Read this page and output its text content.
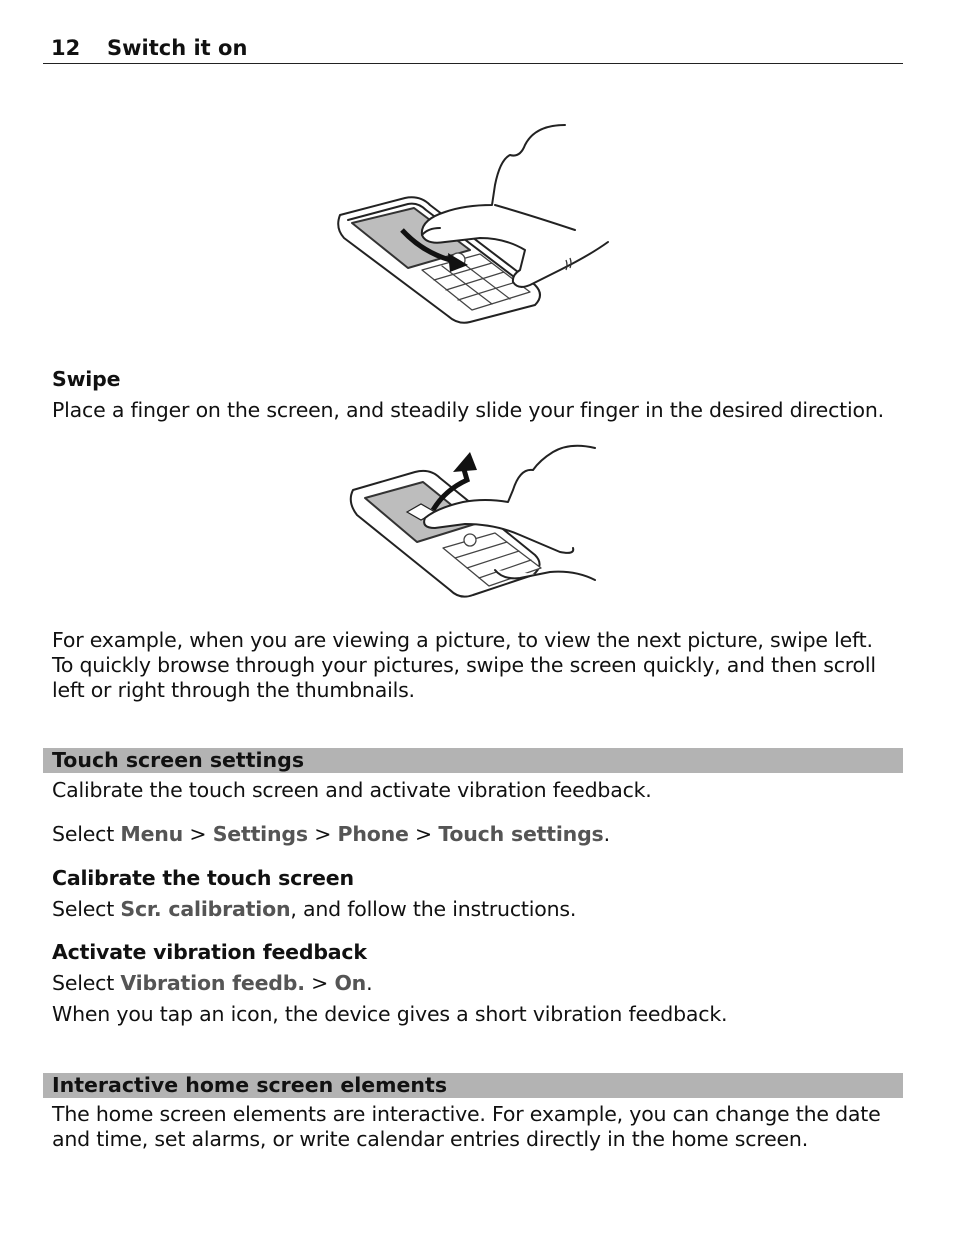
12 Switch it on
Swipe
Place a finger on the screen, and steadily slide your finger in the desired direction.
For example, when you are viewing a picture, to view the next picture, swipe left. To quickly browse through your pictures, swipe the screen quickly, and then scroll left or right through the thumbnails.
Touch screen settings
Calibrate the touch screen and activate vibration feedback.
Select Menu > Settings > Phone > Touch settings.
Calibrate the touch screen
Select Scr. calibration, and follow the instructions.
Activate vibration feedback
Select Vibration feedb. > On.
When you tap an icon, the device gives a short vibration feedback.
Interactive home screen elements
The home screen elements are interactive. For example, you can change the date and time, set alarms, or write calendar entries directly in the home screen.
